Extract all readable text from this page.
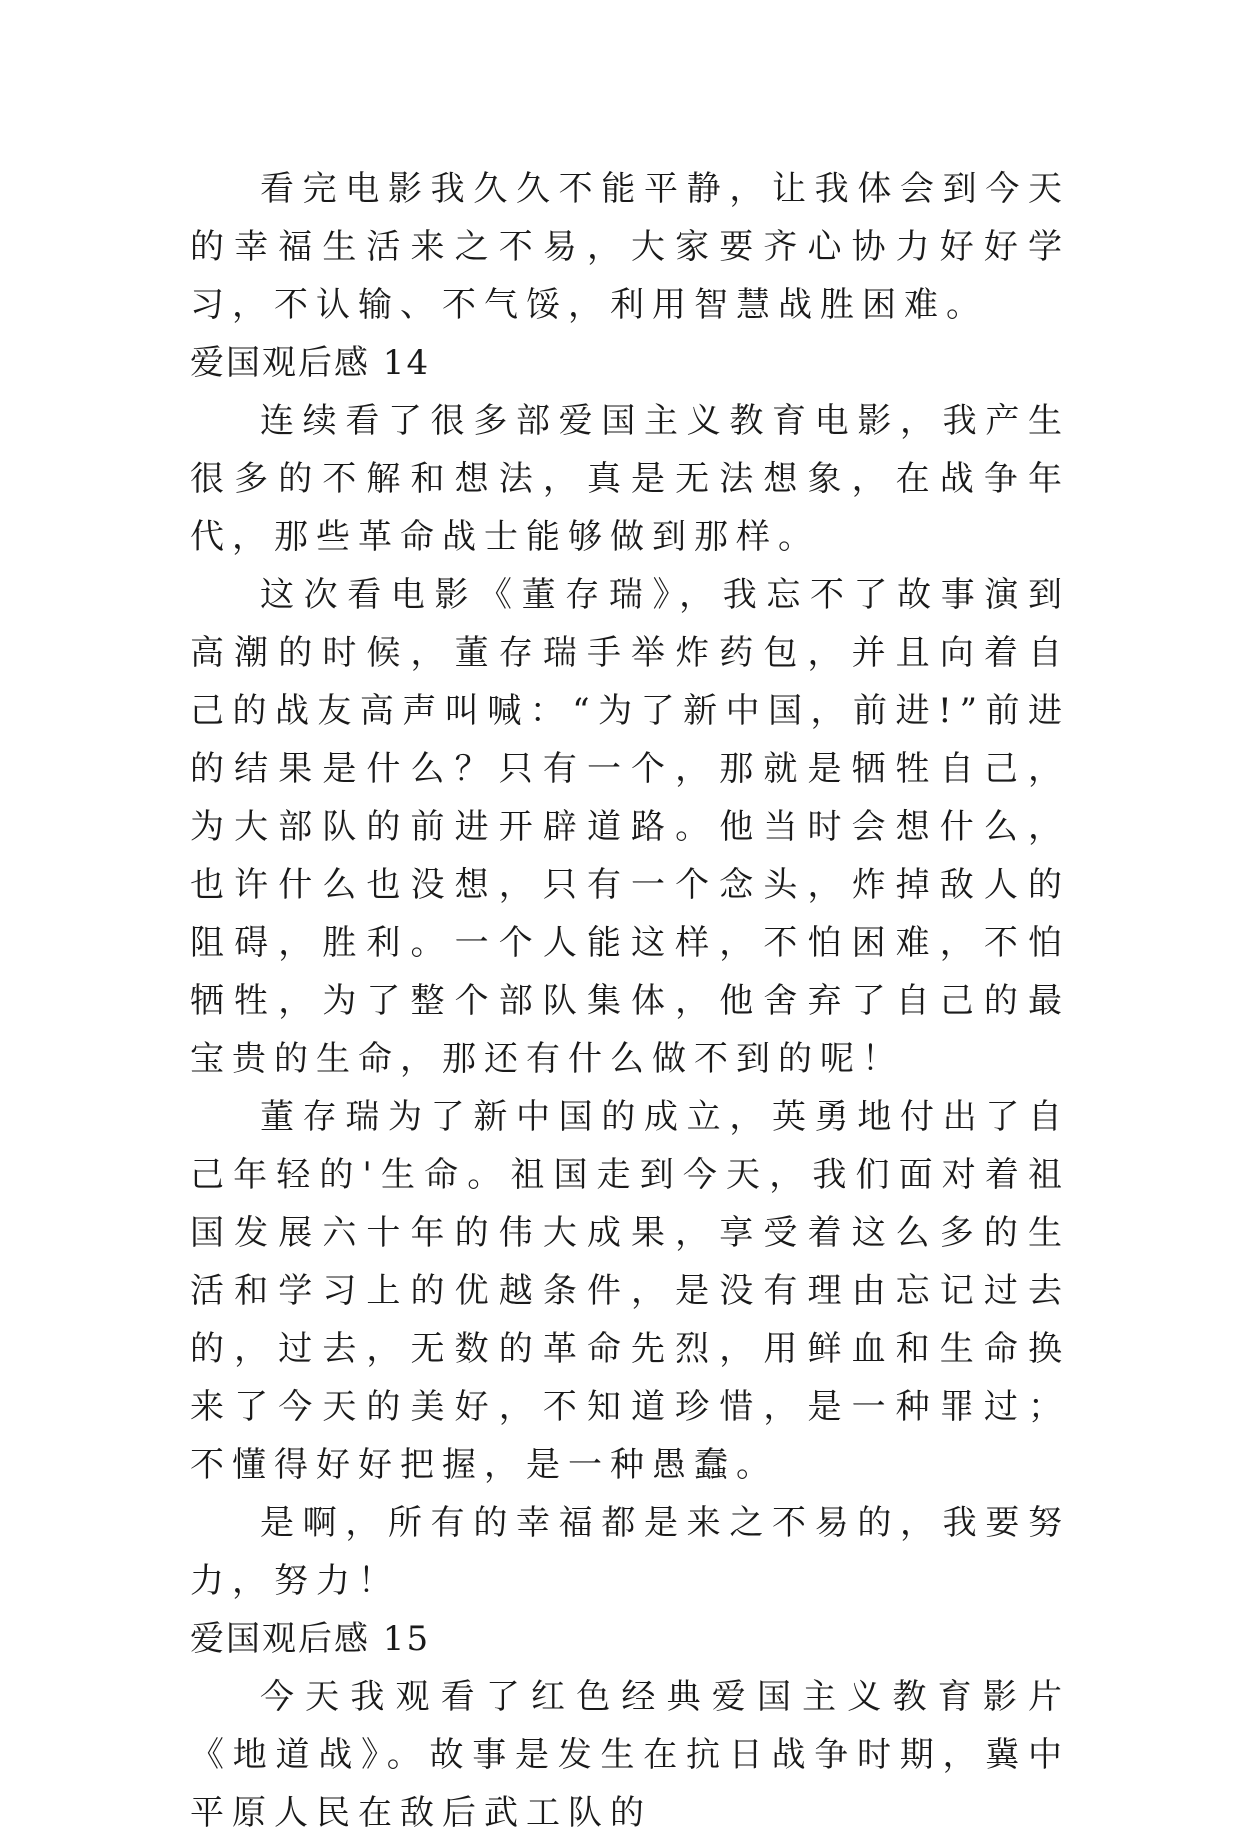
看完电影我久久不能平静，让我体会到今天的幸福生活来之不易，大家要齐心协力好好学习，不认输、不气馁，利用智慧战胜困难。

爱国观后感 14

连续看了很多部爱国主义教育电影，我产生很多的不解和想法，真是无法想象，在战争年代，那些革命战士能够做到那样。

这次看电影《董存瑞》，我忘不了故事演到高潮的时候，董存瑞手举炸药包，并且向着自己的战友高声叫喊：“为了新中国，前进!”前进的结果是什么？只有一个，那就是牺牲自己，为大部队的前进开辟道路。他当时会想什么，也许什么也没想，只有一个念头，炸掉敌人的阻碍，胜利。一个人能这样，不怕困难，不怕牺牲，为了整个部队集体，他舍弃了自己的最宝贵的生命，那还有什么做不到的呢！

董存瑞为了新中国的成立，英勇地付出了自己年轻的'生命。祖国走到今天，我们面对着祖国发展六十年的伟大成果，享受着这么多的生活和学习上的优越条件，是没有理由忘记过去的，过去，无数的革命先烈，用鲜血和生命换来了今天的美好，不知道珍惜，是一种罪过；不懂得好好把握，是一种愚蠢。

是啊，所有的幸福都是来之不易的，我要努力，努力！

爱国观后感 15

今天我观看了红色经典爱国主义教育影片《地道战》。故事是发生在抗日战争时期，冀中平原人民在敌后武工队的
